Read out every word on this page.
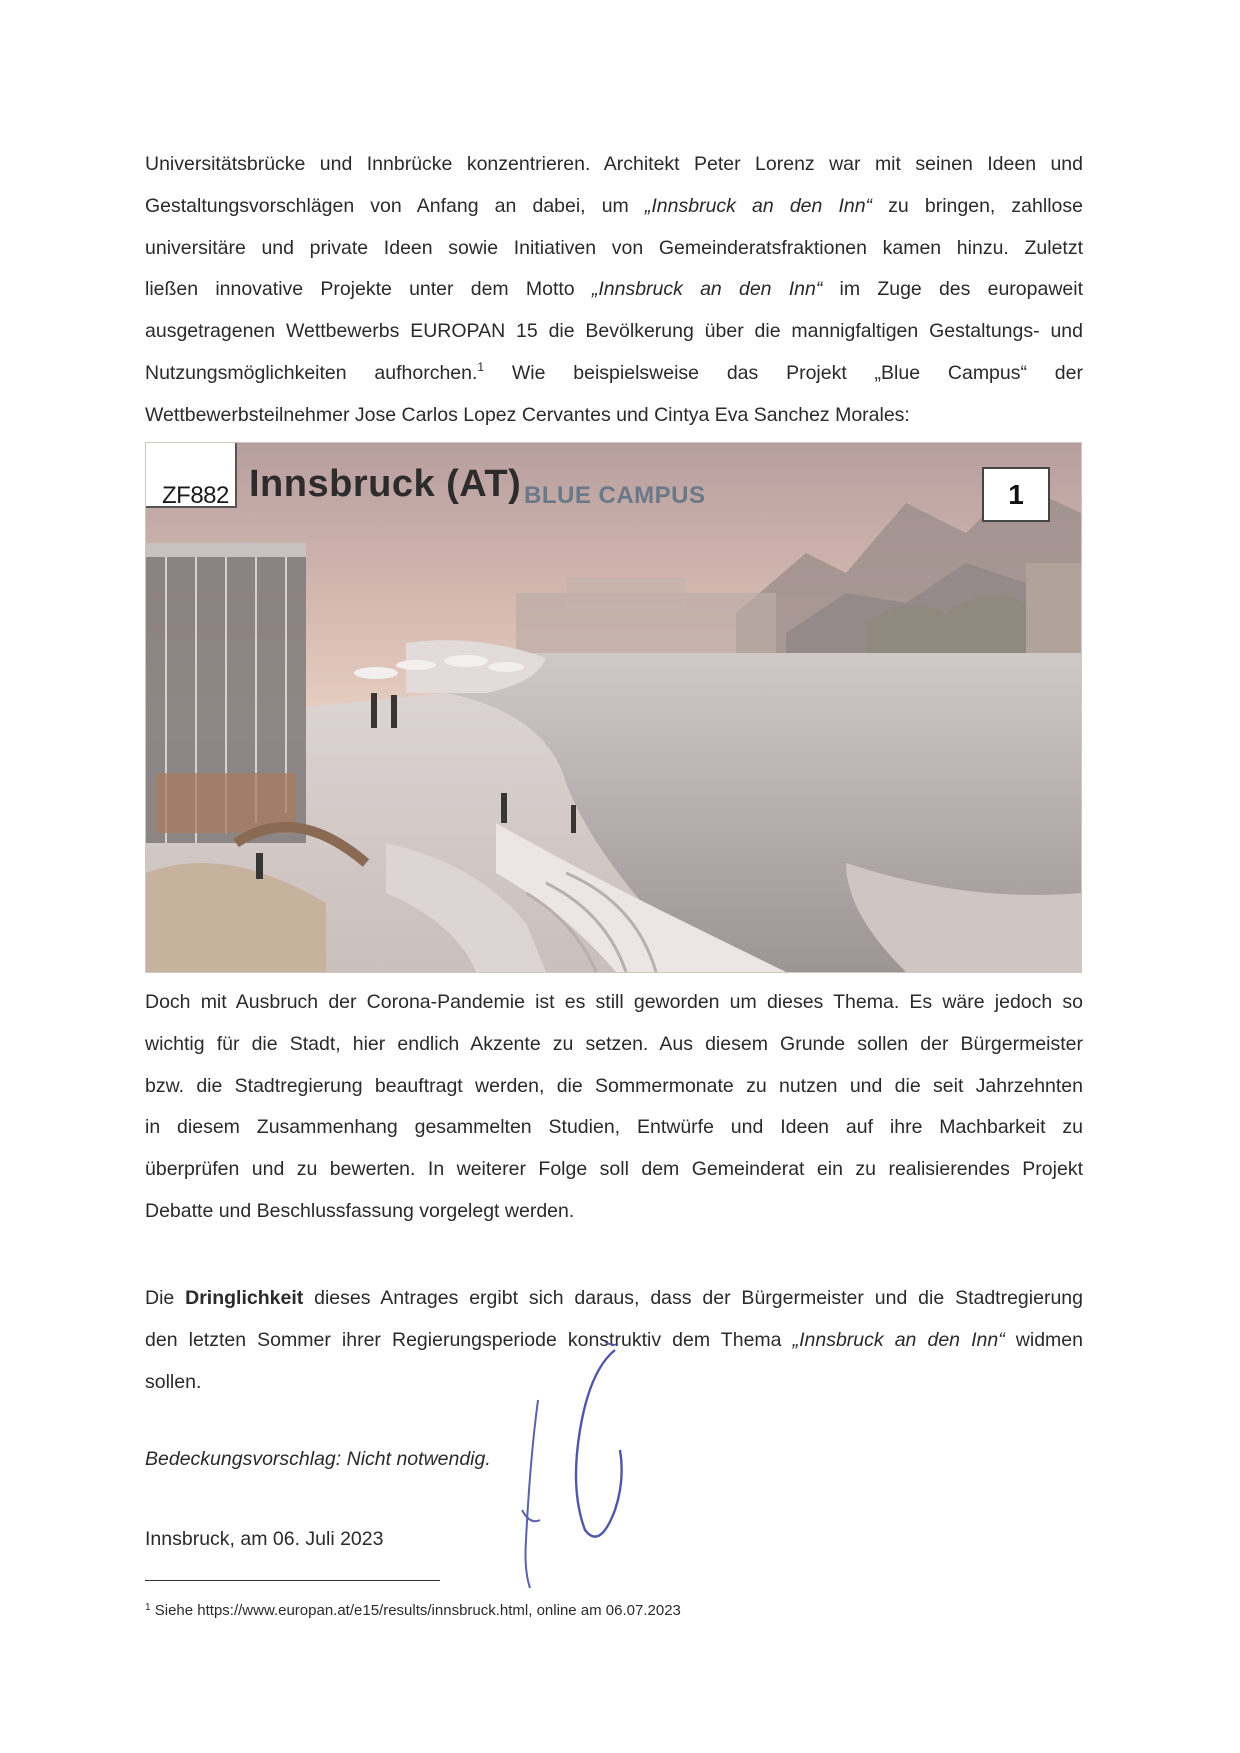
Universitätsbrücke und Innbrücke konzentrieren. Architekt Peter Lorenz war mit seinen Ideen und
Gestaltungsvorschlägen von Anfang an dabei, um „Innsbruck an den Inn“ zu bringen, zahllose
universitäre und private Ideen sowie Initiativen von Gemeinderatsfraktionen kamen hinzu. Zuletzt
ließen innovative Projekte unter dem Motto „Innsbruck an den Inn“ im Zuge des europaweit
ausgetragenen Wettbewerbs EUROPAN 15 die Bevölkerung über die mannigfaltigen Gestaltungs- und
Nutzungsmöglichkeiten aufhorchen.$^1$ Wie beispielsweise das Projekt „Blue Campus“ der
Wettbewerbsteilnehmer Jose Carlos Lopez Cervantes und Cintya Eva Sanchez Morales:

ZF882 Innsbruck (AT) BLUE CAMPUS	1

Doch mit Ausbruch der Corona-Pandemie ist es still geworden um dieses Thema. Es wäre jedoch so
wichtig für die Stadt, hier endlich Akzente zu setzen. Aus diesem Grunde sollen der Bürgermeister
bzw. die Stadtregierung beauftragt werden, die Sommermonate zu nutzen und die seit Jahrzehnten
in diesem Zusammenhang gesammelten Studien, Entwürfe und Ideen auf ihre Machbarkeit zu
überprüfen und zu bewerten. In weiterer Folge soll dem Gemeinderat ein zu realisierendes Projekt
Debatte und Beschlussfassung vorgelegt werden.

Die Dringlichkeit dieses Antrages ergibt sich daraus, dass der Bürgermeister und die Stadtregierung
den letzten Sommer ihrer Regierungsperiode konstruktiv dem Thema „Innsbruck an den Inn“ widmen
sollen.

Bedeckungsvorschlag: Nicht notwendig.

Innsbruck, am 06. Juli 2023

$^1$ Siehe https://www.europan.at/e15/results/innsbruck.html, online am 06.07.2023
